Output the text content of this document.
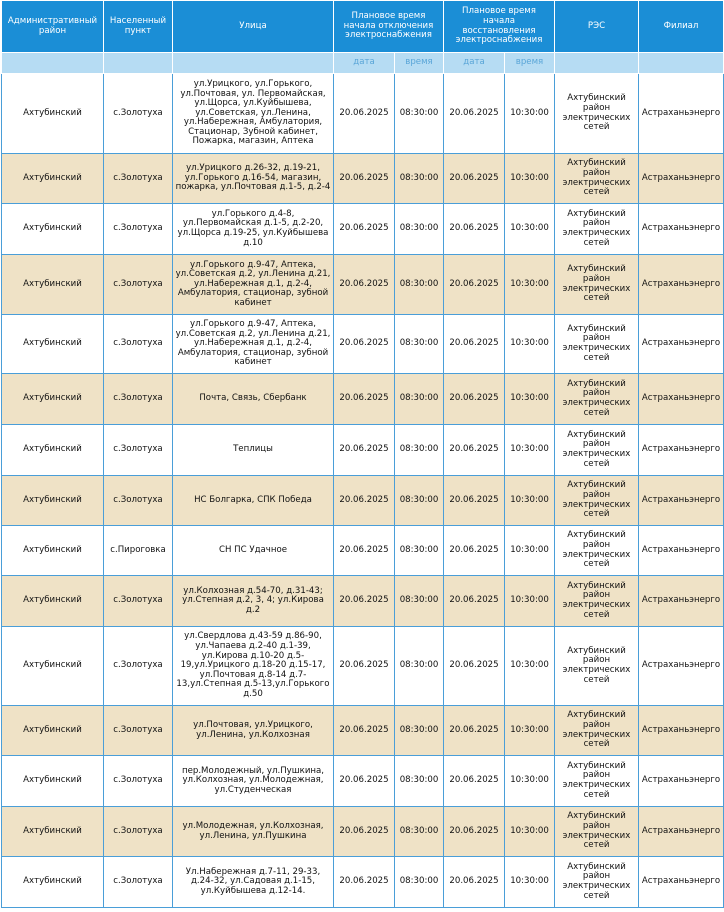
Административный район	Населенный пункт	Улица	Плановое время начала отключения электроснабжения		Плановое время начала восстановления электроснабжения		РЭС	Филиал
			дата	время	дата	время		
Ахтубинский	с.Золотуха	ул.Урицкого, ул.Горького, ул.Почтовая, ул. Первомайская, ул.Щорса, ул.Куйбышева, ул.Советская, ул.Ленина, ул.Набережная, Амбулатория, Стационар, Зубной кабинет, Пожарка, магазин, Аптека	20.06.2025	08:30:00	20.06.2025	10:30:00	Ахтубинский район электрических сетей	Астраханьэнерго
Ахтубинский	с.Золотуха	ул.Урицкого д.26-32, д.19-21, ул.Горького д.16-54, магазин, пожарка, ул.Почтовая д.1-5, д.2-4	20.06.2025	08:30:00	20.06.2025	10:30:00	Ахтубинский район электрических сетей	Астраханьэнерго
Ахтубинский	с.Золотуха	ул.Горького д.4-8, ул.Первомайская д.1-5, д.2-20, ул.Щорса д.19-25, ул.Куйбышева д.10	20.06.2025	08:30:00	20.06.2025	10:30:00	Ахтубинский район электрических сетей	Астраханьэнерго
Ахтубинский	с.Золотуха	ул.Горького д.9-47, Аптека, ул.Советская д.2, ул.Ленина д.21, ул.Набережная д.1, д.2-4, Амбулатория, стационар, зубной кабинет	20.06.2025	08:30:00	20.06.2025	10:30:00	Ахтубинский район электрических сетей	Астраханьэнерго
Ахтубинский	с.Золотуха	ул.Горького д.9-47, Аптека, ул.Советская д.2, ул.Ленина д.21, ул.Набережная д.1, д.2-4, Амбулатория, стационар, зубной кабинет	20.06.2025	08:30:00	20.06.2025	10:30:00	Ахтубинский район электрических сетей	Астраханьэнерго
Ахтубинский	с.Золотуха	Почта, Связь, Сбербанк	20.06.2025	08:30:00	20.06.2025	10:30:00	Ахтубинский район электрических сетей	Астраханьэнерго
Ахтубинский	с.Золотуха	Теплицы	20.06.2025	08:30:00	20.06.2025	10:30:00	Ахтубинский район электрических сетей	Астраханьэнерго
Ахтубинский	с.Золотуха	НС Болгарка, СПК Победа	20.06.2025	08:30:00	20.06.2025	10:30:00	Ахтубинский район электрических сетей	Астраханьэнерго
Ахтубинский	с.Пироговка	СН ПС Удачное	20.06.2025	08:30:00	20.06.2025	10:30:00	Ахтубинский район электрических сетей	Астраханьэнерго
Ахтубинский	с.Золотуха	ул.Колхозная д.54-70, д.31-43; ул.Степная д.2, 3, 4; ул.Кирова д.2	20.06.2025	08:30:00	20.06.2025	10:30:00	Ахтубинский район электрических сетей	Астраханьэнерго
Ахтубинский	с.Золотуха	ул.Свердлова д.43-59 д.86-90, ул.Чапаева д.2-40 д.1-39, ул.Кирова д.10-20 д.5-19,ул.Урицкого д.18-20 д.15-17, ул.Почтовая д.8-14 д.7-13,ул.Степная д.5-13,ул.Горького д.50	20.06.2025	08:30:00	20.06.2025	10:30:00	Ахтубинский район электрических сетей	Астраханьэнерго
Ахтубинский	с.Золотуха	ул.Почтовая, ул.Урицкого, ул.Ленина, ул.Колхозная	20.06.2025	08:30:00	20.06.2025	10:30:00	Ахтубинский район электрических сетей	Астраханьэнерго
Ахтубинский	с.Золотуха	пер.Молодежный, ул.Пушкина, ул.Колхозная, ул.Молодежная, ул.Студенческая	20.06.2025	08:30:00	20.06.2025	10:30:00	Ахтубинский район электрических сетей	Астраханьэнерго
Ахтубинский	с.Золотуха	ул.Молодежная, ул.Колхозная, ул.Ленина, ул.Пушкина	20.06.2025	08:30:00	20.06.2025	10:30:00	Ахтубинский район электрических сетей	Астраханьэнерго
Ахтубинский	с.Золотуха	Ул.Набережная д.7-11, 29-33, д.24-32, ул.Садовая д.1-15, ул.Куйбышева д.12-14.	20.06.2025	08:30:00	20.06.2025	10:30:00	Ахтубинский район электрических сетей	Астраханьэнерго
